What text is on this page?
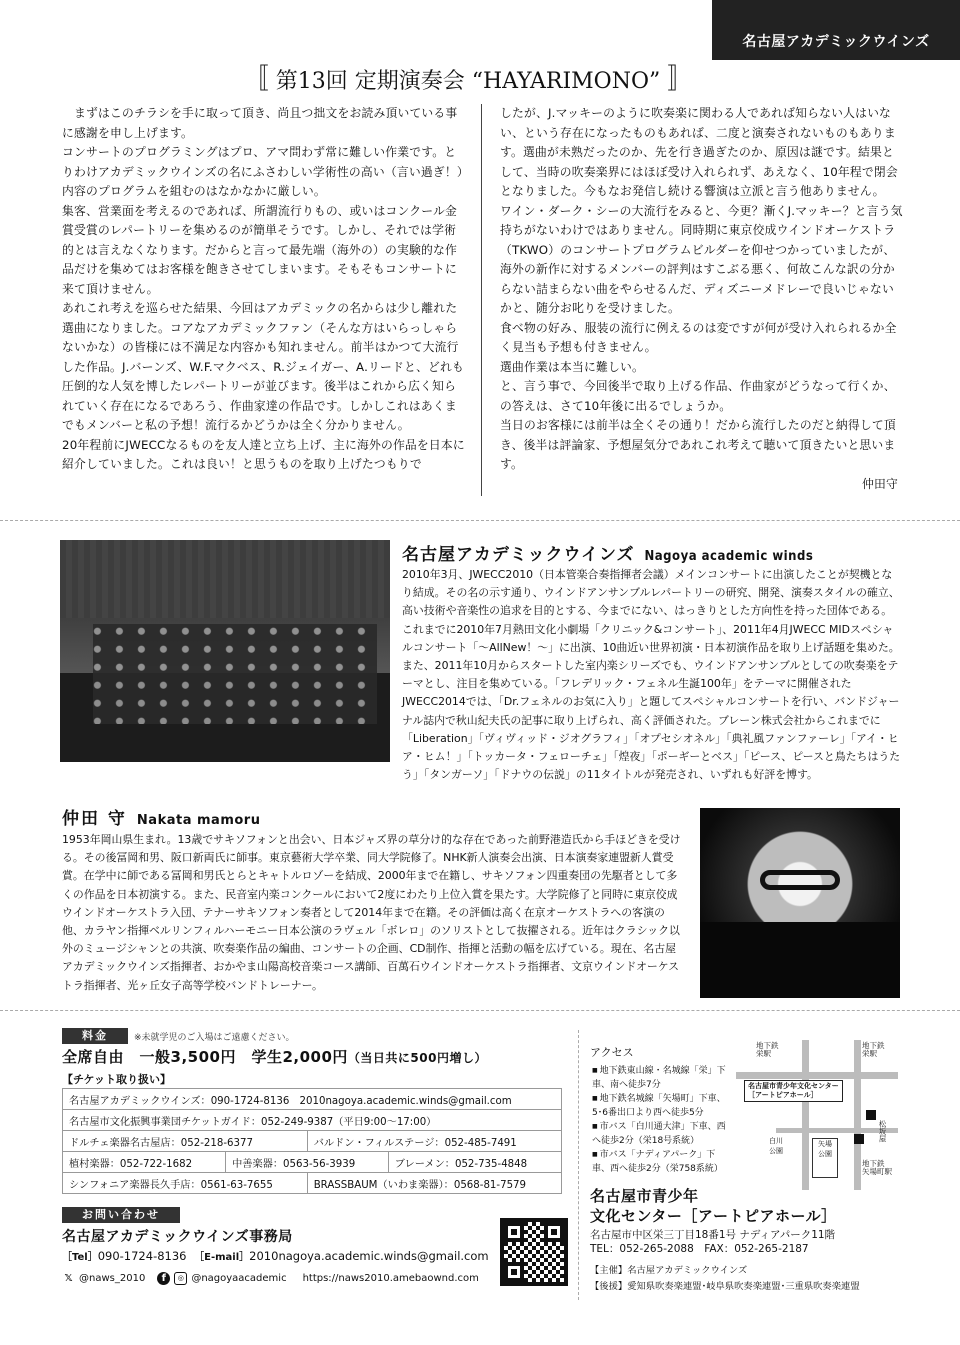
名古屋アカデミックウインズ
〚 第13回 定期演奏会 “HAYARIMONO” 〛

　まずはこのチラシを手に取って頂き、尚且つ拙文をお読み頂いている事に感謝を申し上げます。

コンサートのプログラミングはプロ、アマ問わず常に難しい作業です。とりわけアカデミックウインズの名にふさわしい学術性の高い（言い過ぎ！）内容のプログラムを組むのはなかなかに厳しい。

集客、営業面を考えるのであれば、所謂流行りもの、或いはコンクール金賞受賞のレパートリーを集めるのが簡単そうです。しかし、それでは学術的とは言えなくなります。だからと言って最先端（海外の）の実験的な作品だけを集めてはお客様を飽きさせてしまいます。そもそもコンサートに来て頂けません。

あれこれ考えを巡らせた結果、今回はアカデミックの名からは少し離れた選曲になりました。コアなアカデミックファン（そんな方はいらっしゃらないかな）の皆様には不満足な内容かも知れません。前半はかつて大流行した作品。J.バーンズ、W.F.マクベス、R.ジェイガー、A.リードと、どれも圧倒的な人気を博したレパートリーが並びます。後半はこれから広く知られていく存在になるであろう、作曲家達の作品です。しかしこれはあくまでもメンバーと私の予想！流行るかどうかは全く分かりません。

20年程前にJWECCなるものを友人達と立ち上げ、主に海外の作品を日本に紹介していました。これは良い！と思うものを取り上げたつもりで

したが、J.マッキーのように吹奏楽に関わる人であれば知らない人はいない、という存在になったものもあれば、二度と演奏されないものもあります。選曲が未熟だったのか、先を行き過ぎたのか、原因は謎です。結果として、当時の吹奏楽界にはほぼ受け入れられず、あえなく、10年程で閉会となりました。今もなお発信し続ける響演は立派と言う他ありません。

ワイン・ダーク・シーの大流行をみると、今更？漸くJ.マッキー？と言う気持ちがないわけではありません。同時期に東京佼成ウインドオーケストラ（TKWO）のコンサートプログラムビルダーを仰せつかっていましたが、海外の新作に対するメンバーの評判はすこぶる悪く、何故こんな訳の分からない詰まらない曲をやらせるんだ、ディズニーメドレーで良いじゃないかと、随分お叱りを受けました。

食べ物の好み、服装の流行に例えるのは変ですが何が受け入れられるか全く見当も予想も付きません。

選曲作業は本当に難しい。

と、言う事で、今回後半で取り上げる作品、作曲家がどうなって行くか、の答えは、さて10年後に出るでしょうか。

当日のお客様には前半は全くその通り！だから流行したのだと納得して頂き、後半は評論家、予想屋気分であれこれ考えて聴いて頂きたいと思います。

仲田守

名古屋アカデミックウインズ Nagoya academic winds
2010年3月、JWECC2010（日本管楽合奏指揮者会議）メインコンサートに出演したことが契機となり結成。その名の示す通り、ウインドアンサンブルレパートリーの研究、開発、演奏スタイルの確立、高い技術や音楽性の追求を目的とする、今までにない、はっきりとした方向性を持った団体である。これまでに2010年7月熱田文化小劇場「クリニック&コンサート」、2011年4月JWECC MIDスペシャルコンサート「〜AllNew！〜」に出演、10曲近い世界初演・日本初演作品を取り上げ話題を集めた。また、2011年10月からスタートした室内楽シリーズでも、ウインドアンサンブルとしての吹奏楽をテーマとし、注目を集めている。「フレデリック・フェネル生誕100年」をテーマに開催されたJWECC2014では、「Dr.フェネルのお気に入り」と題してスペシャルコンサートを行い、バンドジャーナル誌内で秋山紀夫氏の記事に取り上げられ、高く評価された。ブレーン株式会社からこれまでに「Liberation」「ヴィヴィッド・ジオグラフィ」「オプセシオネル」「典礼風ファンファーレ」「アイ・ヒア・ヒム！」「トッカータ・フェローチェ」「煌夜」「ポーギーとベス」「ピース、ピースと鳥たちはうたう」「タンガーソ」「ドナウの伝説」の11タイトルが発売され、いずれも好評を博す。
仲田 守 Nakata mamoru
1953年岡山県生まれ。13歳でサキソフォンと出会い、日本ジャズ界の草分け的な存在であった前野港造氏から手ほどきを受ける。その後冨岡和男、阪口新両氏に師事。東京藝術大学卒業、同大学院修了。NHK新人演奏会出演、日本演奏家連盟新人賞受賞。在学中に師である冨岡和男氏とらとキャトルロゾーを結成、2000年まで在籍し、サキソフォン四重奏団の先駆者として多くの作品を日本初演する。また、民音室内楽コンクールにおいて2度にわたり上位入賞を果たす。大学院修了と同時に東京佼成ウインドオーケストラ入団、テナーサキソフォン奏者として2014年まで在籍。その評価は高く在京オーケストラへの客演の他、カラヤン指揮ベルリンフィルハーモニー日本公演のラヴェル「ボレロ」のソリストとして抜擢される。近年はクラシック以外のミュージシャンとの共演、吹奏楽作品の編曲、コンサートの企画、CD制作、指揮と活動の幅を広げている。現在、名古屋アカデミックウインズ指揮者、おかやま山陽高校音楽コース講師、百萬石ウインドオーケストラ指揮者、文京ウインドオーケストラ指揮者、光ヶ丘女子高等学校バンドトレーナー。
料金	※未就学児のご入場はご遠慮ください。
全席自由　一般3,500円　学生2,000円（当日共に500円増し）
【チケット取り扱い】
名古屋アカデミックウインズ：090-1724-8136　2010nagoya.academic.winds@gmail.com			
名古屋市文化振興事業団チケットガイド：052-249-9387（平日9:00〜17:00）			
ドルチェ楽器名古屋店：052-218-6377		バルドン・フィルステージ：052-485-7491	
植村楽器：052-722-1682	中善楽器：0563-56-3939		ブレーメン：052-735-4848
シンフォニア楽器長久手店：0561-63-7655		BRASSBAUM（いわま楽器）：0568-81-7579	
お問い合わせ
名古屋アカデミックウインズ事務局
［Tel］090-1724-8136 ［E-mail］2010nagoya.academic.winds@gmail.com
𝕏 @naws_2010	f	◎ @nagoyaacademic https://naws2010.amebaownd.com
アクセス
■ 地下鉄東山線・名城線「栄」下車、南へ徒歩7分
■ 地下鉄名城線「矢場町」下車、5･6番出口より西へ徒歩5分
■ 市バス「白川通大津」下車、西へ徒歩2分（栄18号系統）
■ 市バス「ナディアパーク」下車、西へ徒歩2分（栄758系統）
地下鉄
栄駅
地下鉄
栄駅
名古屋市青少年文化センター
［アートピアホール］
松坂屋
白川
公園
矢場
公園
地下鉄
矢場町駅
名古屋市青少年
文化センター［アートピアホール］
名古屋市中区栄三丁目18番1号 ナディアパーク11階
TEL：052-265-2088　FAX：052-265-2187
【主催】名古屋アカデミックウインズ
【後援】愛知県吹奏楽連盟･岐阜県吹奏楽連盟･三重県吹奏楽連盟
